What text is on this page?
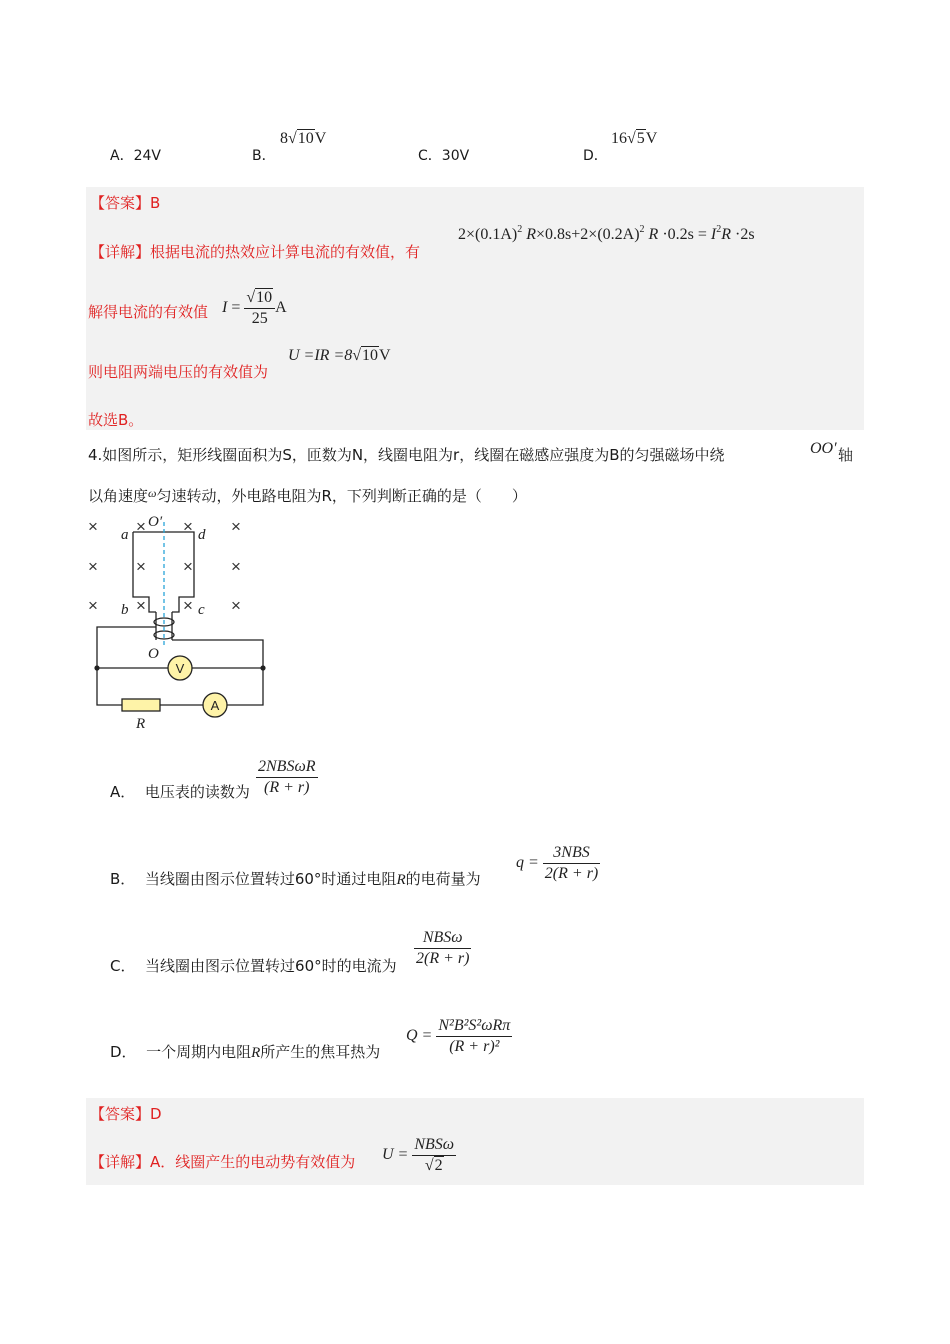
A．24V	B．
8√10V
C．30V	D．
16√5V
【答案】B
【详解】根据电流的热效应计算电流的有效值，有
$2\times(0.1A)^2$ $R\times 0.8s+2\times(0.2A)^2$ $R \cdot 0.2s = I^2R \cdot 2s$
解得电流的有效值 $I = \frac{√10}{25}$ A
则电阻两端电压的有效值为
U =IR =8√10V
故选B。
4.如图所示，矩形线圈面积为S，匝数为N，线圈电阻为r，线圈在磁感应强度为B的匀强磁场中绕	OO′ 轴
以角速度$^\omega$匀速转动，外电路电阻为R，下列判断正确的是（　　）
×
×
×
×
×
×
×
×
×
×
×
×
a	d
b	c
O′
O
R
V
A
A． 电压表的读数为 $\frac{\text{2NBSωR}}{(R + r)}$
B． 当线圈由图示位置转过60°时通过电阻R的电荷量为
$q = \frac{\text{3NBS}}{2(R + r)}$
C． 当线圈由图示位置转过60°时的电流为 $\frac{\text{NBSω}}{2(R + r)}$
D． 一个周期内电阻R所产生的焦耳热为
$Q = \frac{\text{N²B²S²ωRπ}}{\text{(R + r)²}}$
【答案】D
【详解】A．线圈产生的电动势有效值为 $U = \frac{\text{NBSω}}{√2}$
